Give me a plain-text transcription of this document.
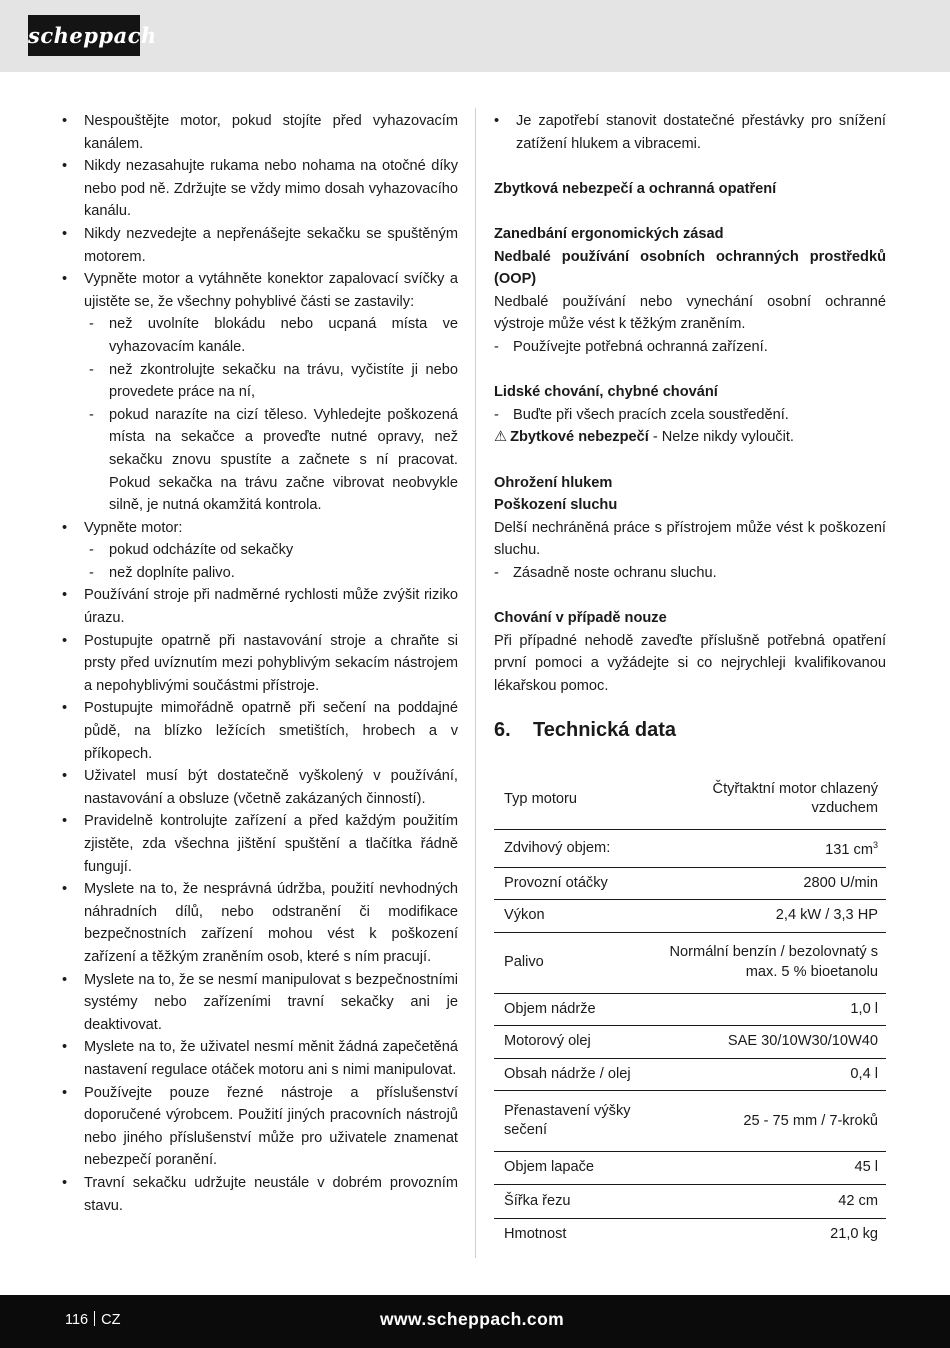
scheppach
• Nespouštějte motor, pokud stojíte před vyhazovacím kanálem.
• Nikdy nezasahujte rukama nebo nohama na otočné díky nebo pod ně. Zdržujte se vždy mimo dosah vyhazovacího kanálu.
• Nikdy nezvedejte a nepřenášejte sekačku se spuštěným motorem.
• Vypněte motor a vytáhněte konektor zapalovací svíčky a ujistěte se, že všechny pohyblivé části se zastavily:
- než uvolníte blokádu nebo ucpaná místa ve vyhazovacím kanále.
- než zkontrolujte sekačku na trávu, vyčistíte ji nebo provedete práce na ní,
- pokud narazíte na cizí těleso. Vyhledejte poškozená místa na sekačce a proveďte nutné opravy, než sekačku znovu spustíte a začnete s ní pracovat. Pokud sekačka na trávu začne vibrovat neobvykle silně, je nutná okamžitá kontrola.
• Vypněte motor:
- pokud odcházíte od sekačky
- než doplníte palivo.
• Používání stroje při nadměrné rychlosti může zvýšit riziko úrazu.
• Postupujte opatrně při nastavování stroje a chraňte si prsty před uvíznutím mezi pohyblivým sekacím nástrojem a nepohyblivými součástmi přístroje.
• Postupujte mimořádně opatrně při sečení na poddajné půdě, na blízko ležících smetištích, hrobech a v příkopech.
• Uživatel musí být dostatečně vyškolený v používání, nastavování a obsluze (včetně zakázaných činností).
• Pravidelně kontrolujte zařízení a před každým použitím zjistěte, zda všechna jištění spuštění a tlačítka řádně fungují.
• Myslete na to, že nesprávná údržba, použití nevhodných náhradních dílů, nebo odstranění či modifikace bezpečnostních zařízení mohou vést k poškození zařízení a těžkým zraněním osob, které s ním pracují.
• Myslete na to, že se nesmí manipulovat s bezpečnostními systémy nebo zařízeními travní sekačky ani je deaktivovat.
• Myslete na to, že uživatel nesmí měnit žádná zapečetěná nastavení regulace otáček motoru ani s nimi manipulovat.
• Používejte pouze řezné nástroje a příslušenství doporučené výrobcem. Použití jiných pracovních nástrojů nebo jiného příslušenství může pro uživatele znamenat nebezpečí poranění.
• Travní sekačku udržujte neustále v dobrém provozním stavu.
• Je zapotřebí stanovit dostatečné přestávky pro snížení zatížení hlukem a vibracemi.

Zbytková nebezpečí a ochranná opatření

Zanedbání ergonomických zásad

Nedbalé používání osobních ochranných prostředků (OOP)

Nedbalé používání nebo vynechání osobní ochranné výstroje může vést k těžkým zraněním.

- Používejte potřebná ochranná zařízení.

Lidské chování, chybné chování

- Buďte při všech pracích zcela soustředění.

⚠ Zbytkové nebezpečí - Nelze nikdy vyloučit.

Ohrožení hlukem

Poškození sluchu

Delší nechráněná práce s přístrojem může vést k poškození sluchu.

- Zásadně noste ochranu sluchu.

Chování v případě nouze

Při případné nehodě zaveďte příslušně potřebná opatření první pomoci a vyžádejte si co nejrychleji kvalifikovanou lékařskou pomoc.

6. Technická data
Typ motoru	Čtyřtaktní motor chlazený vzduchem
Zdvihový objem:	131 $cm^3$
Provozní otáčky	2800 U/min
Výkon	2,4 kW / 3,3 HP
Palivo	Normální benzín / bezolovnatý s max. 5 % bioetanolu
Objem nádrže	1,0 l
Motorový olej	SAE 30/10W30/10W40
Obsah nádrže / olej	0,4 l
Přenastavení výšky sečení	25 - 75 mm / 7-kroků
Objem lapače	45 l
Šířka řezu	42 cm
Hmotnost	21,0 kg
116 CZ	www.scheppach.com
